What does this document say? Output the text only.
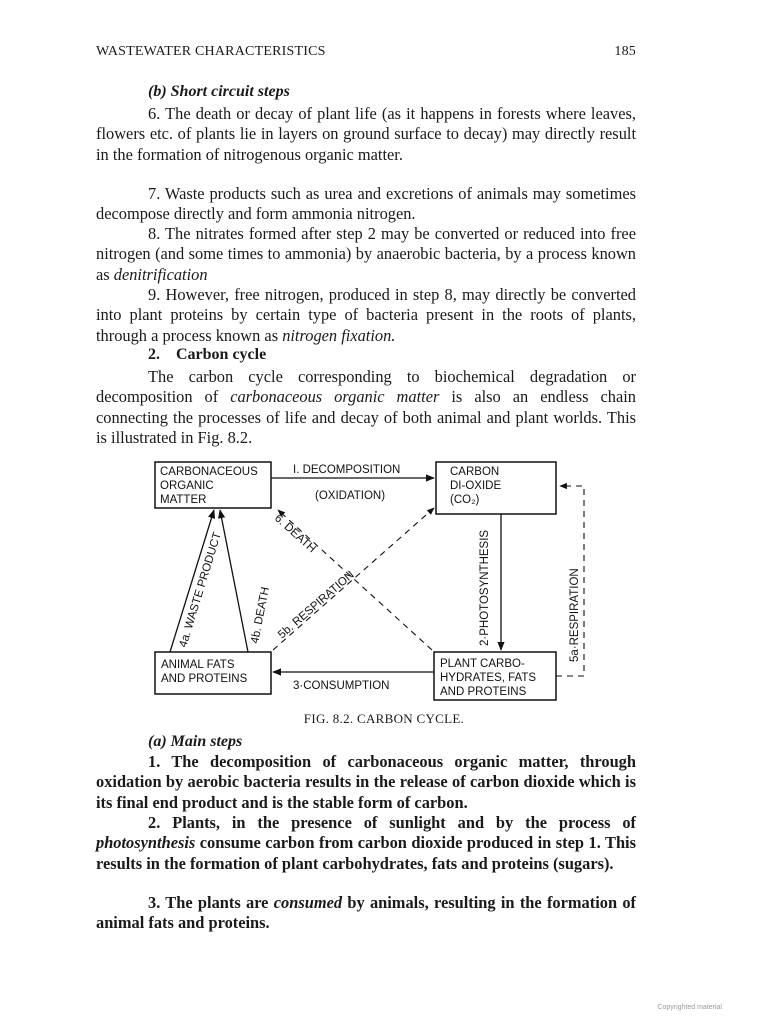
WASTEWATER CHARACTERISTICS	185
(b) Short circuit steps

6. The death or decay of plant life (as it happens in forests where leaves, flowers etc. of plants lie in layers on ground surface to decay) may directly result in the formation of nitrogenous organic matter.

7. Waste products such as urea and excretions of animals may sometimes decompose directly and form ammonia nitrogen.

8. The nitrates formed after step 2 may be converted or reduced into free nitrogen (and some times to ammonia) by anaerobic bacteria, by a process known as denitrification

9. However, free nitrogen, produced in step 8, may directly be converted into plant proteins by certain type of bacteria present in the roots of plants, through a process known as nitrogen fixation.

2. Carbon cycle

The carbon cycle corresponding to biochemical degradation or decomposition of carbonaceous organic matter is also an endless chain connecting the processes of life and decay of both animal and plant worlds. This is illustrated in Fig. 8.2.

CARBONACEOUS
ORGANIC
MATTER
CARBON
DI-OXIDE
(CO₂)
ANIMAL FATS
AND PROTEINS
PLANT CARBO-
HYDRATES, FATS
AND PROTEINS
I. DECOMPOSITION
(OXIDATION)
2·PHOTOSYNTHESIS
3·CONSUMPTION
4a. WASTE PRODUCT 4b. DEATH
6. DEATH
5b. RESPIRATION	5a·RESPIRATION
FIG. 8.2. CARBON CYCLE.
(a) Main steps

1. The decomposition of carbonaceous organic matter, through oxidation by aerobic bacteria results in the release of carbon dioxide which is its final end product and is the stable form of carbon.

2. Plants, in the presence of sunlight and by the process of photosynthesis consume carbon from carbon dioxide produced in step 1. This results in the formation of plant carbohydrates, fats and proteins (sugars).

3. The plants are consumed by animals, resulting in the formation of animal fats and proteins.

Copyrighted material
